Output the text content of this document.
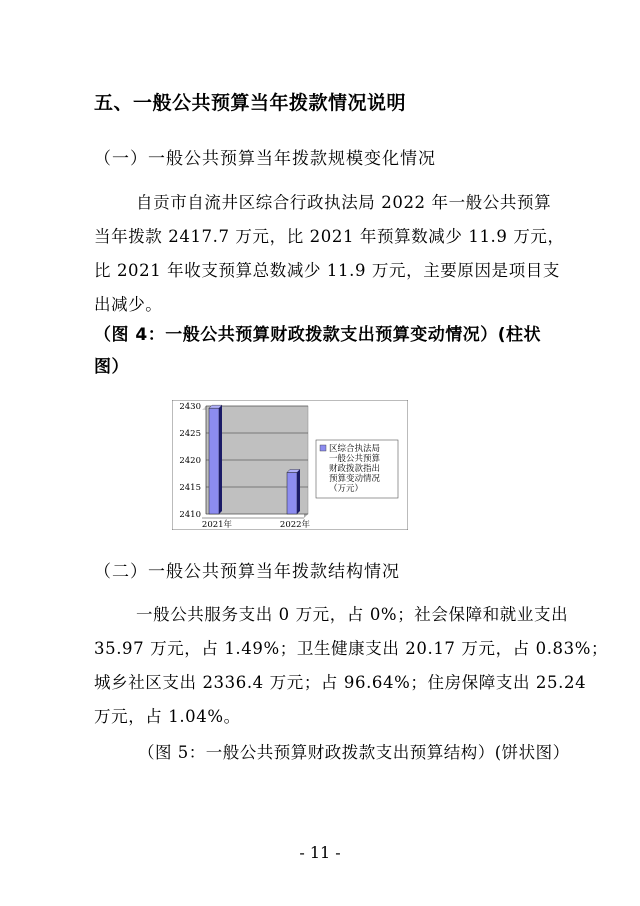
五、一般公共预算当年拨款情况说明
（一）一般公共预算当年拨款规模变化情况
自贡市自流井区综合行政执法局 2022 年一般公共预算
当年拨款 2417.7 万元，比 2021 年预算数减少 11.9 万元，
比 2021 年收支预算总数减少 11.9 万元，主要原因是项目支
出减少。
（图 4：一般公共预算财政拨款支出预算变动情况）(柱状图）
2410
2415
2420
2425
2430
2021年	2022年
区综合执法局
一般公共预算
财政拨款指出
预算变动情况
（万元）
（二）一般公共预算当年拨款结构情况
一般公共服务支出 0 万元，占 0%；社会保障和就业支出
35.97 万元，占 1.49%；卫生健康支出 20.17 万元，占 0.83%；
城乡社区支出 2336.4 万元；占 96.64%；住房保障支出 25.24
万元，占 1.04%。
（图 5：一般公共预算财政拨款支出预算结构）(饼状图）
- 11 -
